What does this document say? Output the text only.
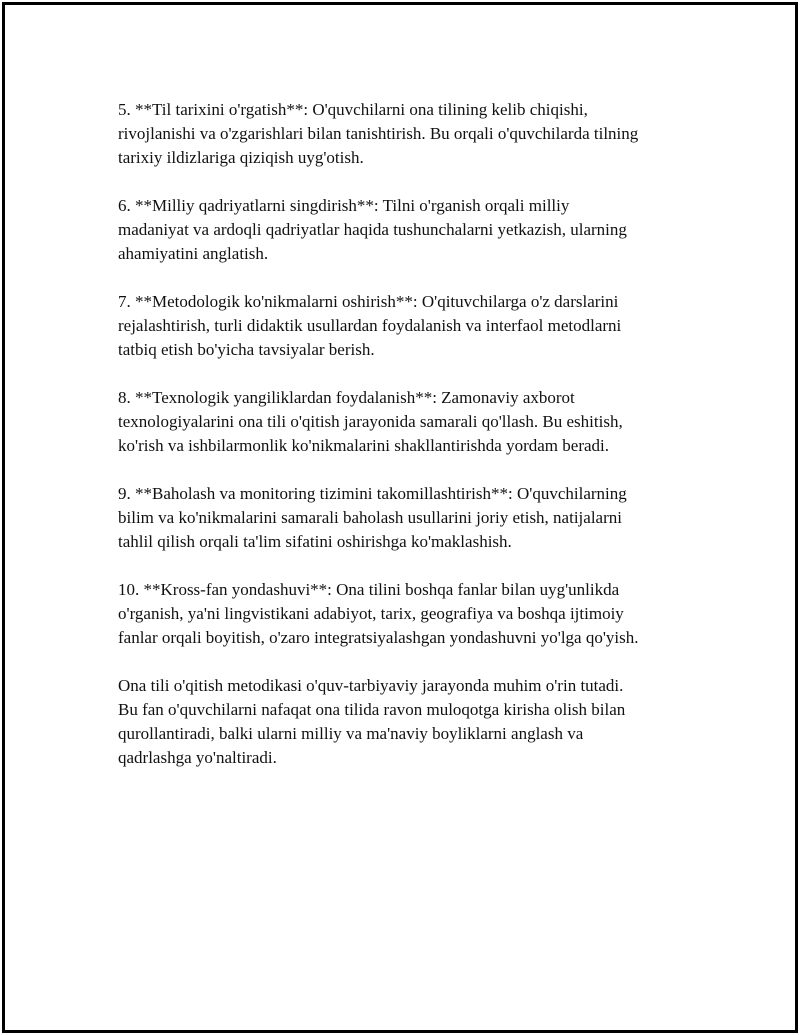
5. **Til tarixini o'rgatish**: O'quvchilarni ona tilining kelib chiqishi,
rivojlanishi va o'zgarishlari bilan tanishtirish. Bu orqali o'quvchilarda tilning
tarixiy ildizlariga qiziqish uyg'otish.

6. **Milliy qadriyatlarni singdirish**: Tilni o'rganish orqali milliy
madaniyat va ardoqli qadriyatlar haqida tushunchalarni yetkazish, ularning
ahamiyatini anglatish.

7. **Metodologik ko'nikmalarni oshirish**: O'qituvchilarga o'z darslarini
rejalashtirish, turli didaktik usullardan foydalanish va interfaol metodlarni
tatbiq etish bo'yicha tavsiyalar berish.

8. **Texnologik yangiliklardan foydalanish**: Zamonaviy axborot
texnologiyalarini ona tili o'qitish jarayonida samarali qo'llash. Bu eshitish,
ko'rish va ishbilarmonlik ko'nikmalarini shakllantirishda yordam beradi.

9. **Baholash va monitoring tizimini takomillashtirish**: O'quvchilarning
bilim va ko'nikmalarini samarali baholash usullarini joriy etish, natijalarni
tahlil qilish orqali ta'lim sifatini oshirishga ko'maklashish.

10. **Kross-fan yondashuvi**: Ona tilini boshqa fanlar bilan uyg'unlikda
o'rganish, ya'ni lingvistikani adabiyot, tarix, geografiya va boshqa ijtimoiy
fanlar orqali boyitish, o'zaro integratsiyalashgan yondashuvni yo'lga qo'yish.

Ona tili o'qitish metodikasi o'quv-tarbiyaviy jarayonda muhim o'rin tutadi.
Bu fan o'quvchilarni nafaqat ona tilida ravon muloqotga kirisha olish bilan
qurollantiradi, balki ularni milliy va ma'naviy boyliklarni anglash va
qadrlashga yo'naltiradi.
